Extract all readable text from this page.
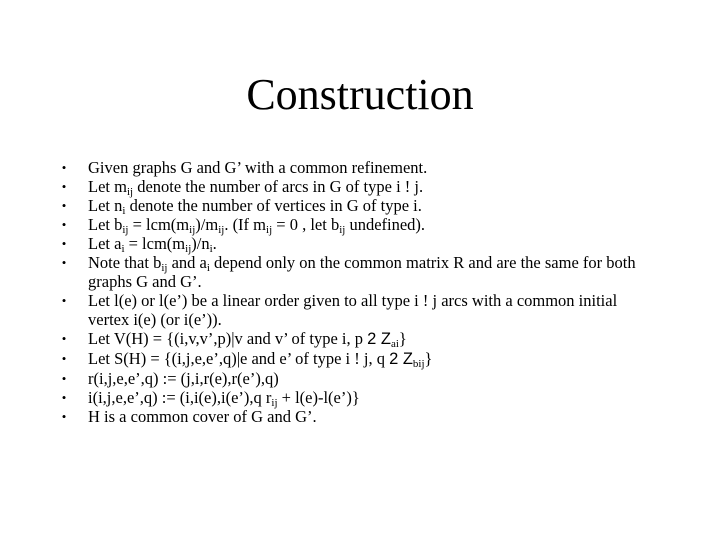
Construction
• Given graphs G and G’ with a common refinement.
• Let $m_{ij}$ denote the number of arcs in G of type i ! j.
• Let $n_i$ denote the number of vertices in G of type i.
• Let $b_{ij} = lcm(m_{ij})/m_{ij}$. (If $m_{ij} = 0$ , let $b_{ij}$ undefined).
• Let $a_i = lcm(m_{ij})/n_i$.
• Note that $b_{ij}$ and $a_i$ depend only on the common matrix R and are the same for both graphs G and G’.
• Let l(e) or l(e’) be a linear order given to all type i ! j arcs with a common initial vertex i(e) (or i(e’)).
• Let V(H) = {(i,v,v’,p)|v and v’ of type i, p 2 $Z_{ai}$}
• Let S(H) = {(i,j,e,e’,q)|e and e’ of type i ! j, q 2 $Z_{bij}$}
• r(i,j,e,e’,q) := (j,i,r(e),r(e’),q)
• i(i,j,e,e’,q) := (i,i(e),i(e’),q $r_{ij}$ + l(e)-l(e’)}
• H is a common cover of G and G’.
